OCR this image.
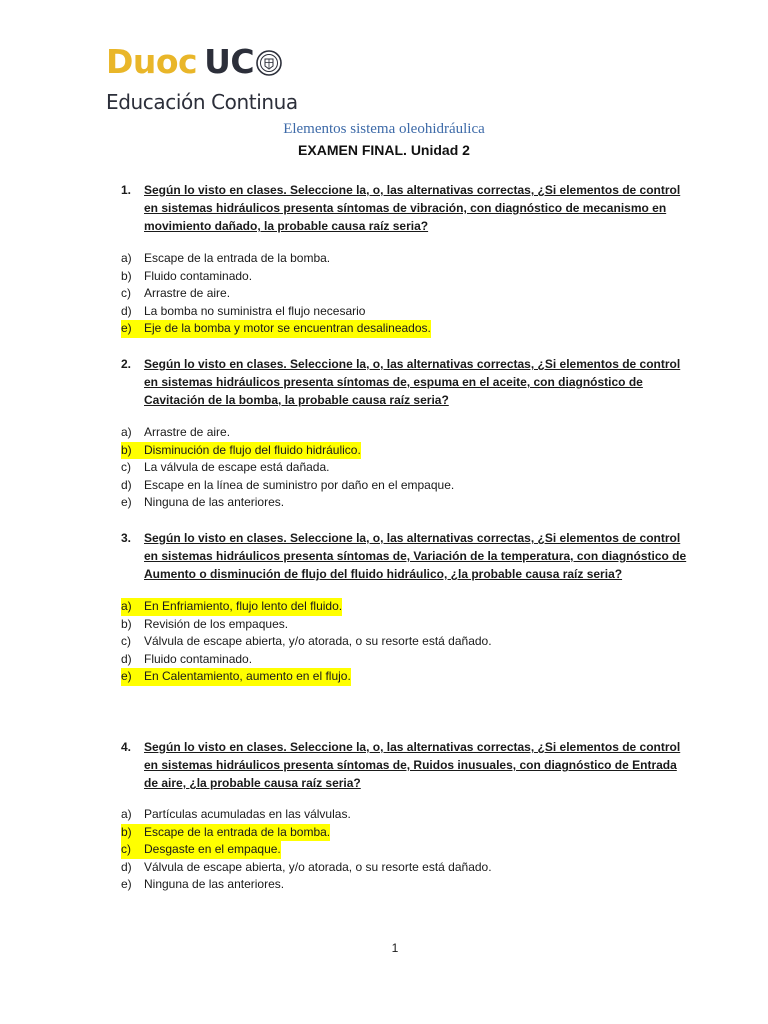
Duoc UC
Educación Continua
Elementos sistema oleohidráulica
EXAMEN FINAL. Unidad 2
1. Según lo visto en clases. Seleccione la, o, las alternativas correctas, ¿Si elementos de control en sistemas hidráulicos presenta síntomas de vibración, con diagnóstico de mecanismo en movimiento dañado, la probable causa raíz seria?
a) Escape de la entrada de la bomba.
b) Fluido contaminado.
c) Arrastre de aire.
d) La bomba no suministra el flujo necesario
e) Eje de la bomba y motor se encuentran desalineados.
2. Según lo visto en clases. Seleccione la, o, las alternativas correctas, ¿Si elementos de control en sistemas hidráulicos presenta síntomas de, espuma en el aceite, con diagnóstico de Cavitación de la bomba, la probable causa raíz seria?
a) Arrastre de aire.
b) Disminución de flujo del fluido hidráulico.
c) La válvula de escape está dañada.
d) Escape en la línea de suministro por daño en el empaque.
e) Ninguna de las anteriores.
3. Según lo visto en clases. Seleccione la, o, las alternativas correctas, ¿Si elementos de control en sistemas hidráulicos presenta síntomas de, Variación de la temperatura, con diagnóstico de Aumento o disminución de flujo del fluido hidráulico, ¿la probable causa raíz seria?
a) En Enfriamiento, flujo lento del fluido.
b) Revisión de los empaques.
c) Válvula de escape abierta, y/o atorada, o su resorte está dañado.
d) Fluido contaminado.
e) En Calentamiento, aumento en el flujo.
4. Según lo visto en clases. Seleccione la, o, las alternativas correctas, ¿Si elementos de control en sistemas hidráulicos presenta síntomas de, Ruidos inusuales, con diagnóstico de Entrada de aire, ¿la probable causa raíz seria?
a) Partículas acumuladas en las válvulas.
b) Escape de la entrada de la bomba.
c) Desgaste en el empaque.
d) Válvula de escape abierta, y/o atorada, o su resorte está dañado.
e) Ninguna de las anteriores.
1
